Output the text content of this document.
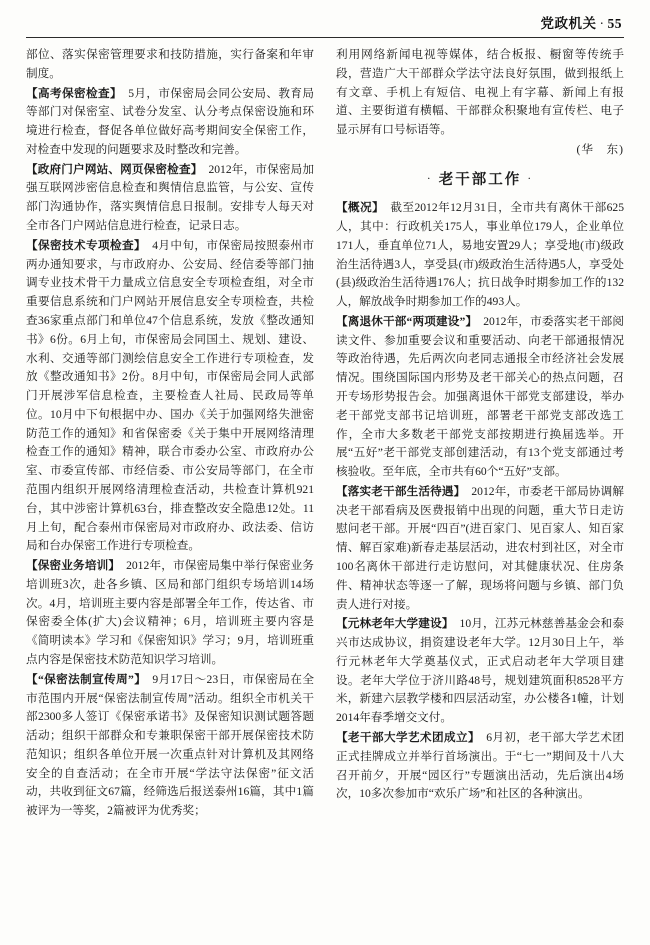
党政机关 · 55

部位、落实保密管理要求和技防措施，实行备案和年审制度。

【高考保密检查】　5月，市保密局会同公安局、教育局等部门对保密室、试卷分发室、认分考点保密设施和环境进行检查，督促各单位做好高考期间安全保密工作，对检查中发现的问题要求及时整改和完善。

【政府门户网站、网页保密检查】　2012年，市保密局加强互联网涉密信息检查和舆情信息监管，与公安、宣传部门沟通协作，落实舆情信息日报制。安排专人每天对全市各门户网站信息进行检查，记录日志。

【保密技术专项检查】　4月中旬，市保密局按照泰州市两办通知要求，与市政府办、公安局、经信委等部门抽调专业技术骨干力量成立信息安全专项检查组，对全市重要信息系统和门户网站开展信息安全专项检查，共检查36家重点部门和单位47个信息系统，发放《整改通知书》6份。6月上旬，市保密局会同国土、规划、建设、水利、交通等部门测绘信息安全工作进行专项检查，发放《整改通知书》2份。8月中旬，市保密局会同人武部门开展涉军信息检查，主要检查人社局、民政局等单位。10月中下旬根据中办、国办《关于加强网络失泄密防范工作的通知》和省保密委《关于集中开展网络清理检查工作的通知》精神，联合市委办公室、市政府办公室、市委宣传部、市经信委、市公安局等部门，在全市范围内组织开展网络清理检查活动，共检查计算机921台，其中涉密计算机63台，排查整改安全隐患12处。11月上旬，配合泰州市保密局对市政府办、政法委、信访局和台办保密工作进行专项检查。

【保密业务培训】　2012年，市保密局集中举行保密业务培训班3次，赴各乡镇、区局和部门组织专场培训14场次。4月，培训班主要内容是部署全年工作，传达省、市保密委全体(扩大)会议精神；6月，培训班主要内容是《简明读本》学习和《保密知识》学习；9月，培训班重点内容是保密技术防范知识学习培训。

【“保密法制宣传周”】　9月17日～23日，市保密局在全市范围内开展“保密法制宣传周”活动。组织全市机关干部2300多人签订《保密承诺书》及保密知识测试题答题活动；组织干部群众和专兼职保密干部开展保密技术防范知识；组织各单位开展一次重点针对计算机及其网络安全的自查活动；在全市开展“学法守法保密”征文活动，共收到征文67篇，经筛选后报送泰州16篇，其中1篇被评为一等奖，2篇被评为优秀奖；

利用网络新闻电视等媒体，结合板报、橱窗等传统手段，营造广大干部群众学法守法良好氛围，做到报纸上有文章、手机上有短信、电视上有字幕、新闻上有报道、主要街道有横幅、干部群众积聚地有宣传栏、电子显示屏有口号标语等。

(华　东)

· 老干部工作 ·

【概况】　截至2012年12月31日，全市共有离休干部625人，其中：行政机关175人，事业单位179人，企业单位171人，垂直单位71人，易地安置29人；享受地(市)级政治生活待遇3人，享受县(市)级政治生活待遇5人，享受处(县)级政治生活待遇176人；抗日战争时期参加工作的132人，解放战争时期参加工作的493人。

【离退休干部“两项建设”】　2012年，市委落实老干部阅读文件、参加重要会议和重要活动、向老干部通报情况等政治待遇，先后两次向老同志通报全市经济社会发展情况。围绕国际国内形势及老干部关心的热点问题，召开专场形势报告会。加强离退休干部党支部建设，举办老干部党支部书记培训班，部署老干部党支部改选工作，全市大多数老干部党支部按期进行换届选举。开展“五好”老干部党支部创建活动，有13个党支部通过考核验收。至年底，全市共有60个“五好”支部。

【落实老干部生活待遇】　2012年，市委老干部局协调解决老干部看病及医费报销中出现的问题，重大节日走访慰问老干部。开展“四百”(进百家门、见百家人、知百家情、解百家难)新春走基层活动，进农村到社区，对全市100名离休干部进行走访慰问，对其健康状况、住房条件、精神状态等逐一了解，现场将问题与乡镇、部门负责人进行对接。

【元林老年大学建设】　10月，江苏元林慈善基金会和泰兴市达成协议，捐资建设老年大学。12月30日上午，举行元林老年大学奠基仪式，正式启动老年大学项目建设。老年大学位于济川路48号，规划建筑面积8528平方米，新建六层教学楼和四层活动室，办公楼各1幢，计划2014年春季增交文付。

【老干部大学艺术团成立】　6月初，老干部大学艺术团正式挂牌成立并举行首场演出。于“七一”期间及十八大召开前夕，开展“园区行”专题演出活动，先后演出4场次，10多次参加市“欢乐广场”和社区的各种演出。
